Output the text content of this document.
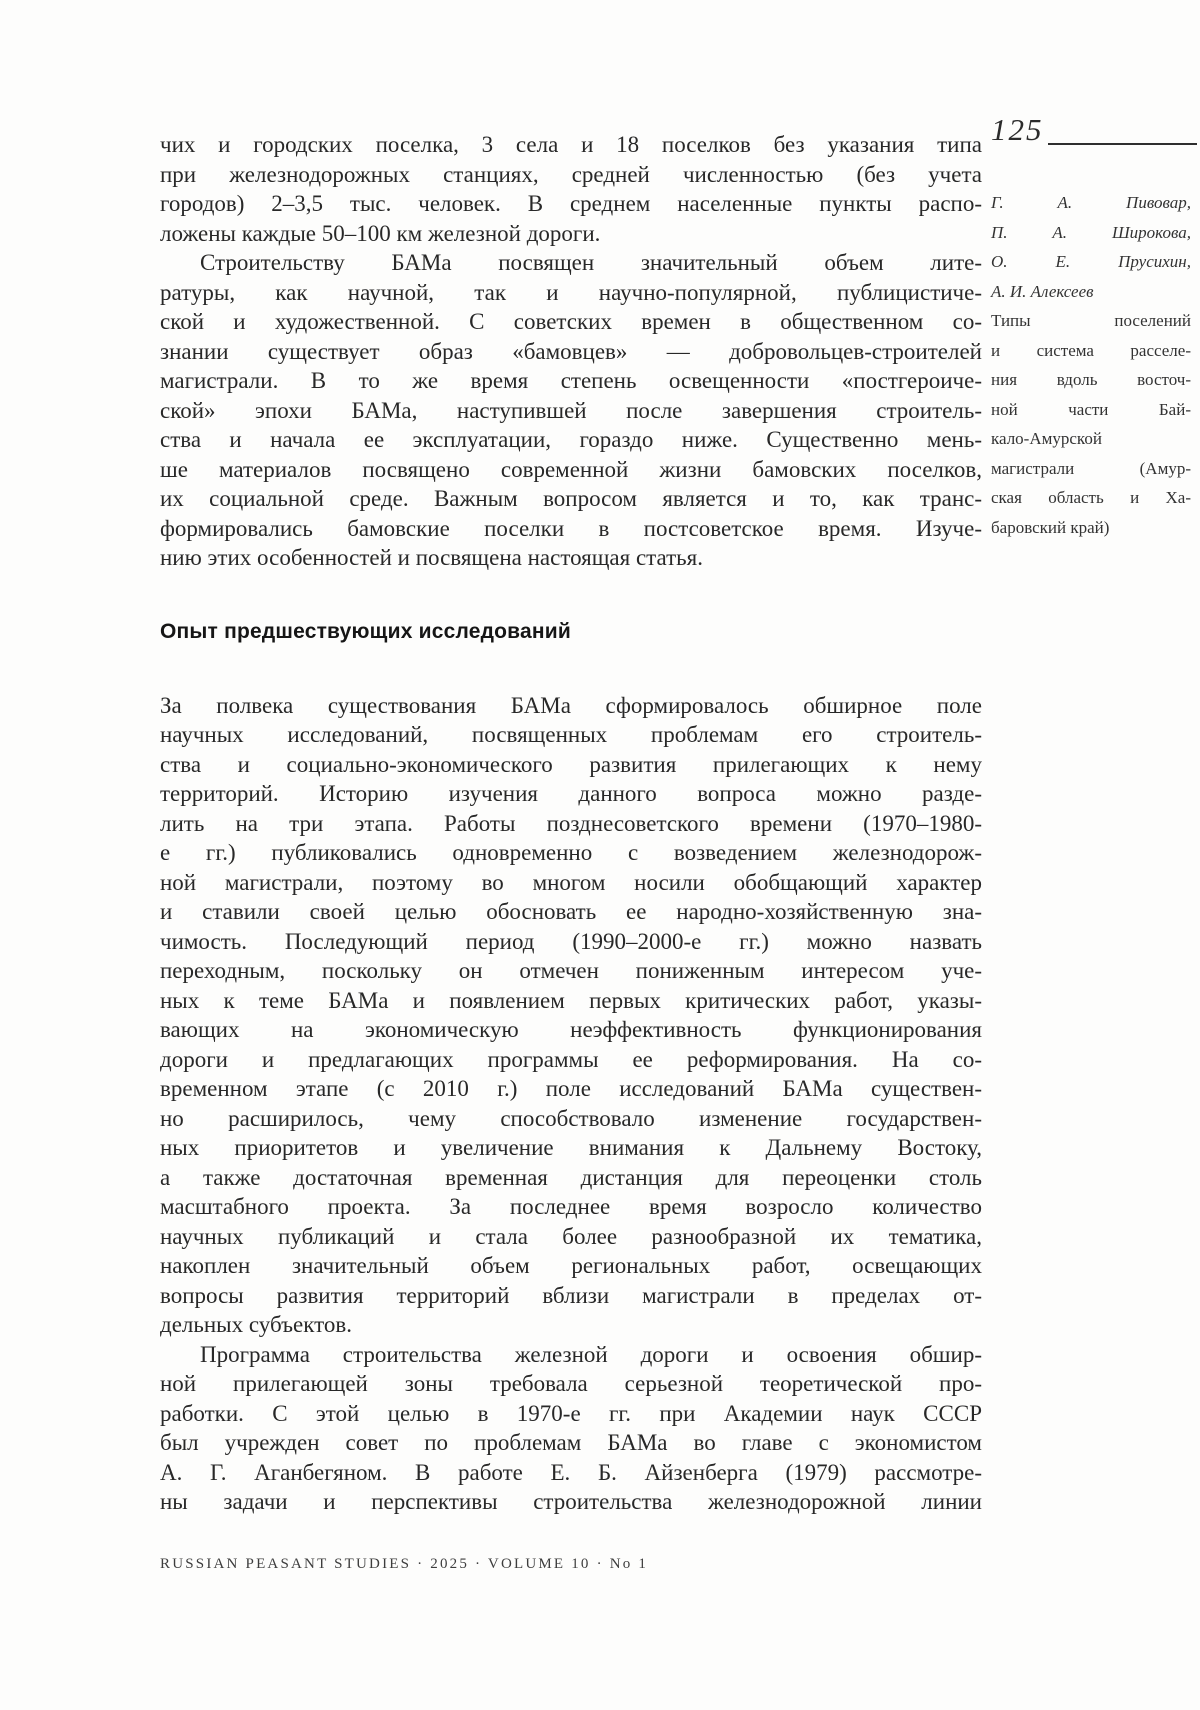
125
Г. А. Пивовар,
П. А. Широкова,
О. Е. Прусихин,
А. И. Алексеев
Типы поселений
и система расселе-
ния вдоль восточ-
ной части Бай-
кало-Амурской
магистрали (Амур-
ская область и Ха-
баровский край)
чих и городских поселка, 3 села и 18 поселков без указания типа
при железнодорожных станциях, средней численностью (без учета
городов) 2–3,5 тыс. человек. В среднем населенные пункты распо-
ложены каждые 50–100 км железной дороги.
Строительству БАМа посвящен значительный объем лите-
ратуры, как научной, так и научно-популярной, публицистиче-
ской и художественной. С советских времен в общественном со-
знании существует образ «бамовцев» — добровольцев-строителей
магистрали. В то же время степень освещенности «постгероиче-
ской» эпохи БАМа, наступившей после завершения строитель-
ства и начала ее эксплуатации, гораздо ниже. Существенно мень-
ше материалов посвящено современной жизни бамовских поселков,
их социальной среде. Важным вопросом является и то, как транс-
формировались бамовские поселки в постсоветское время. Изуче-
нию этих особенностей и посвящена настоящая статья.
Опыт предшествующих исследований
За полвека существования БАМа сформировалось обширное поле
научных исследований, посвященных проблемам его строитель-
ства и социально-экономического развития прилегающих к нему
территорий. Историю изучения данного вопроса можно разде-
лить на три этапа. Работы позднесоветского времени (1970–1980-
е гг.) публиковались одновременно с возведением железнодорож-
ной магистрали, поэтому во многом носили обобщающий характер
и ставили своей целью обосновать ее народно-хозяйственную зна-
чимость. Последующий период (1990–2000-е гг.) можно назвать
переходным, поскольку он отмечен пониженным интересом уче-
ных к теме БАМа и появлением первых критических работ, указы-
вающих на экономическую неэффективность функционирования
дороги и предлагающих программы ее реформирования. На со-
временном этапе (с 2010 г.) поле исследований БАМа существен-
но расширилось, чему способствовало изменение государствен-
ных приоритетов и увеличение внимания к Дальнему Востоку,
а также достаточная временная дистанция для переоценки столь
масштабного проекта. За последнее время возросло количество
научных публикаций и стала более разнообразной их тематика,
накоплен значительный объем региональных работ, освещающих
вопросы развития территорий вблизи магистрали в пределах от-
дельных субъектов.
Программа строительства железной дороги и освоения обшир-
ной прилегающей зоны требовала серьезной теоретической про-
работки. С этой целью в 1970-е гг. при Академии наук СССР
был учрежден совет по проблемам БАМа во главе с экономистом
А. Г. Аганбегяном. В работе Е. Б. Айзенберга (1979) рассмотре-
ны задачи и перспективы строительства железнодорожной линии
RUSSIAN PEASANT STUDIES · 2025 · VOLUME 10 · No 1
